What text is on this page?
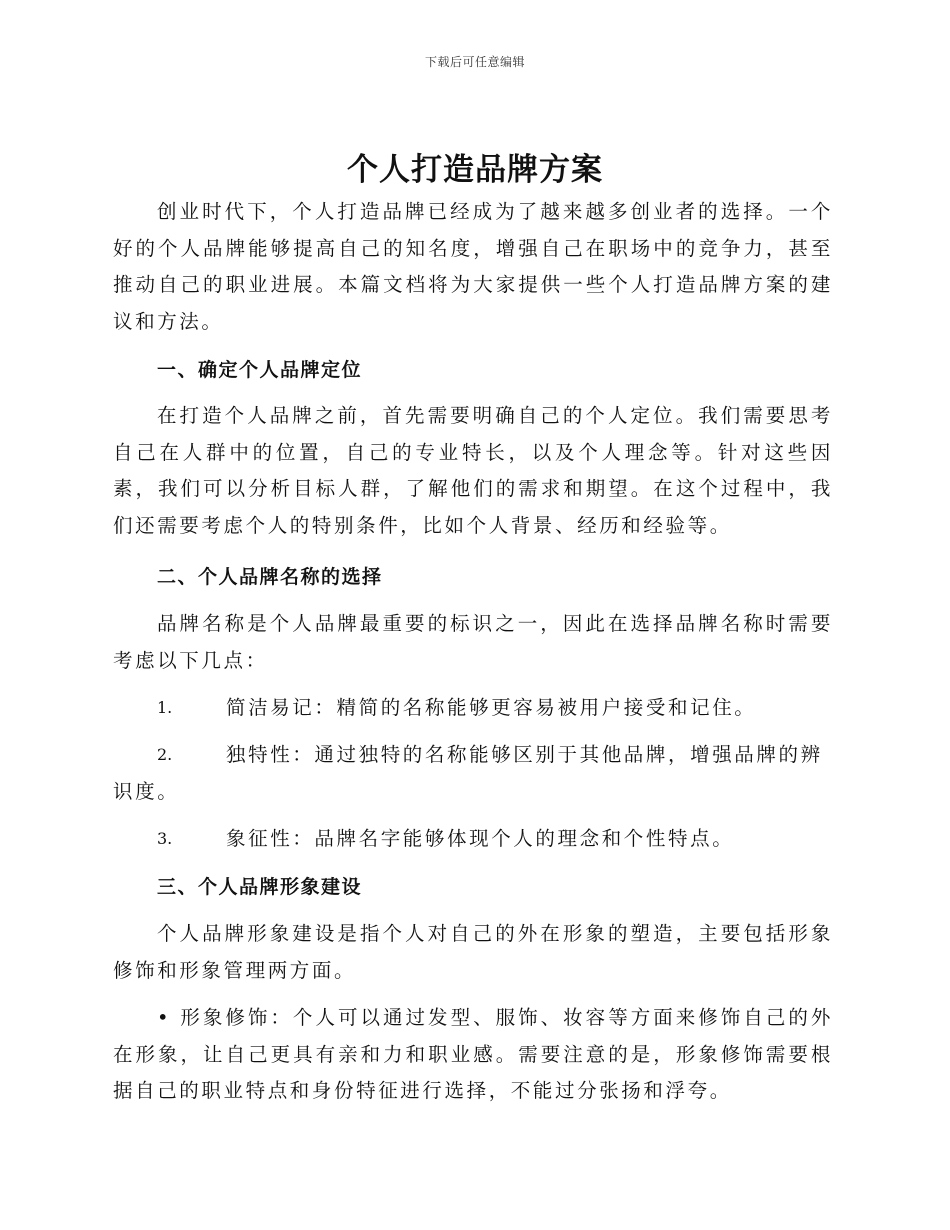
下载后可任意编辑
个人打造品牌方案

创业时代下，个人打造品牌已经成为了越来越多创业者的选择。一个好的个人品牌能够提高自己的知名度，增强自己在职场中的竞争力，甚至推动自己的职业进展。本篇文档将为大家提供一些个人打造品牌方案的建议和方法。

一、确定个人品牌定位

在打造个人品牌之前，首先需要明确自己的个人定位。我们需要思考自己在人群中的位置，自己的专业特长，以及个人理念等。针对这些因素，我们可以分析目标人群，了解他们的需求和期望。在这个过程中，我们还需要考虑个人的特别条件，比如个人背景、经历和经验等。

二、个人品牌名称的选择

品牌名称是个人品牌最重要的标识之一，因此在选择品牌名称时需要考虑以下几点：

1.	简洁易记：精简的名称能够更容易被用户接受和记住。
2.	独特性：通过独特的名称能够区别于其他品牌，增强品牌的辨识度。
3.	象征性：品牌名字能够体现个人的理念和个性特点。
三、个人品牌形象建设

个人品牌形象建设是指个人对自己的外在形象的塑造，主要包括形象修饰和形象管理两方面。

• 形象修饰：个人可以通过发型、服饰、妆容等方面来修饰自己的外在形象，让自己更具有亲和力和职业感。需要注意的是，形象修饰需要根据自己的职业特点和身份特征进行选择，不能过分张扬和浮夸。
